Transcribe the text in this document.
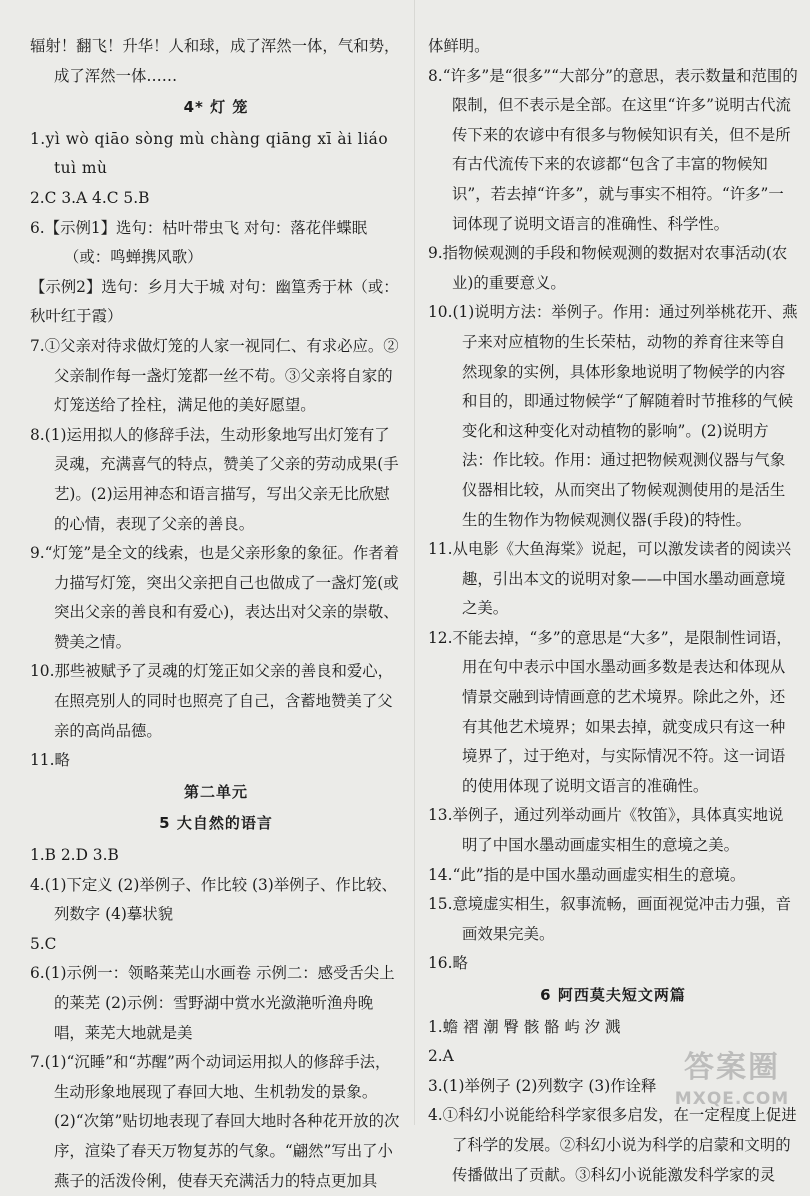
辐射！翻飞！升华！人和球，成了浑然一体，气和势，成了浑然一体……

4* 灯 笼

1.yì wò qiāo sòng mù chàng qiāng xī ài liáo tuì mù

2.C 3.A 4.C 5.B

6.【示例1】选句：枯叶带虫飞 对句：落花伴蝶眠（或：鸣蝉携风歌）

【示例2】选句：乡月大于城 对句：幽篁秀于林（或：秋叶红于霞）

7.①父亲对待求做灯笼的人家一视同仁、有求必应。②父亲制作每一盏灯笼都一丝不苟。③父亲将自家的灯笼送给了拴柱，满足他的美好愿望。

8.(1)运用拟人的修辞手法，生动形象地写出灯笼有了灵魂，充满喜气的特点，赞美了父亲的劳动成果(手艺)。(2)运用神态和语言描写，写出父亲无比欣慰的心情，表现了父亲的善良。

9.“灯笼”是全文的线索，也是父亲形象的象征。作者着力描写灯笼，突出父亲把自己也做成了一盏灯笼(或突出父亲的善良和有爱心)，表达出对父亲的崇敬、赞美之情。

10.那些被赋予了灵魂的灯笼正如父亲的善良和爱心，在照亮别人的同时也照亮了自己，含蓄地赞美了父亲的高尚品德。

11.略

第二单元

5 大自然的语言

1.B 2.D 3.B

4.(1)下定义 (2)举例子、作比较 (3)举例子、作比较、列数字 (4)摹状貌

5.C

6.(1)示例一：领略莱芜山水画卷 示例二：感受舌尖上的莱芜 (2)示例：雪野湖中赏水光潋滟听渔舟晚唱，莱芜大地就是美

7.(1)“沉睡”和“苏醒”两个动词运用拟人的修辞手法，生动形象地展现了春回大地、生机勃发的景象。(2)“次第”贴切地表现了春回大地时各种花开放的次序，渲染了春天万物复苏的气象。“翩然”写出了小燕子的活泼伶俐，使春天充满活力的特点更加具

体鲜明。

8.“许多”是“很多”“大部分”的意思，表示数量和范围的限制，但不表示是全部。在这里“许多”说明古代流传下来的农谚中有很多与物候知识有关，但不是所有古代流传下来的农谚都“包含了丰富的物候知识”，若去掉“许多”，就与事实不相符。“许多”一词体现了说明文语言的准确性、科学性。

9.指物候观测的手段和物候观测的数据对农事活动(农业)的重要意义。

10.(1)说明方法：举例子。作用：通过列举桃花开、燕子来对应植物的生长荣枯，动物的养育往来等自然现象的实例，具体形象地说明了物候学的内容和目的，即通过物候学“了解随着时节推移的气候变化和这种变化对动植物的影响”。(2)说明方法：作比较。作用：通过把物候观测仪器与气象仪器相比较，从而突出了物候观测使用的是活生生的生物作为物候观测仪器(手段)的特性。

11.从电影《大鱼海棠》说起，可以激发读者的阅读兴趣，引出本文的说明对象——中国水墨动画意境之美。

12.不能去掉，“多”的意思是“大多”，是限制性词语，用在句中表示中国水墨动画多数是表达和体现从情景交融到诗情画意的艺术境界。除此之外，还有其他艺术境界；如果去掉，就变成只有这一种境界了，过于绝对，与实际情况不符。这一词语的使用体现了说明文语言的准确性。

13.举例子，通过列举动画片《牧笛》，具体真实地说明了中国水墨动画虚实相生的意境之美。

14.“此”指的是中国水墨动画虚实相生的意境。

15.意境虚实相生，叙事流畅，画面视觉冲击力强，音画效果完美。

16.略

6 阿西莫夫短文两篇

1.蟾 褶 潮 臀 骸 骼 屿 汐 溅

2.A

3.(1)举例子 (2)列数字 (3)作诠释

4.①科幻小说能给科学家很多启发，在一定程度上促进了科学的发展。②科幻小说为科学的启蒙和文明的传播做出了贡献。③科幻小说能激发科学家的灵

答案圈
MXQE.COM
